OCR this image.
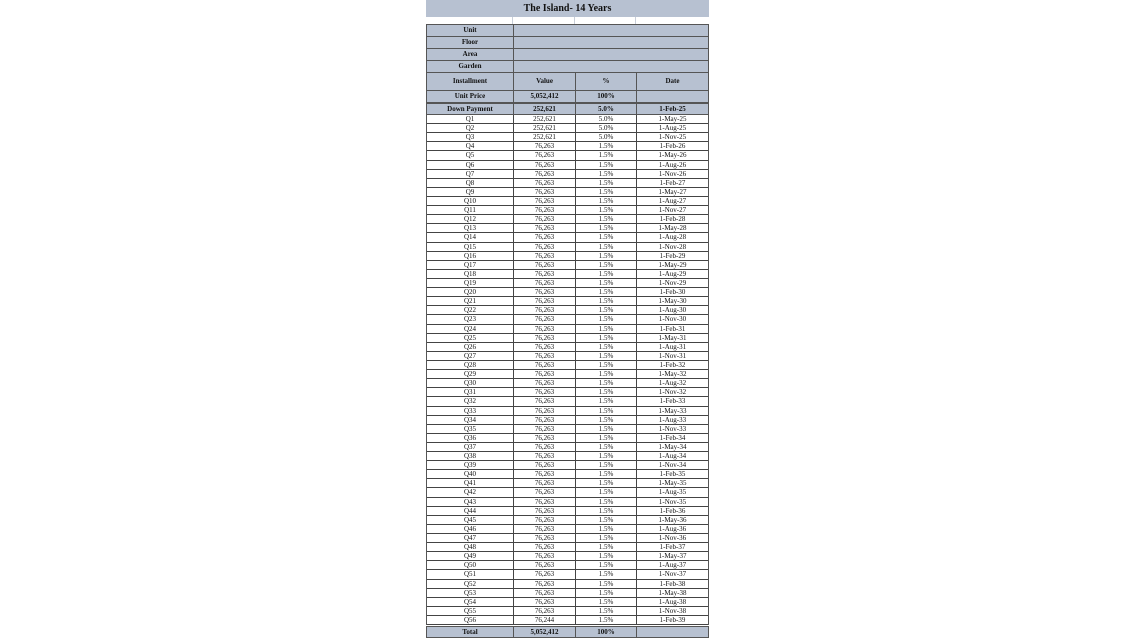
The Island- 14 Years
Unit
Floor
Area
Garden
Installment	Value	%	Date
Unit Price	5,052,412	100%
Down Payment	252,621	5.0%	1-Feb-25
Q1	252,621	5.0%	1-May-25
Q2	252,621	5.0%	1-Aug-25
Q3	252,621	5.0%	1-Nov-25
Q4	76,263	1.5%	1-Feb-26
Q5	76,263	1.5%	1-May-26
Q6	76,263	1.5%	1-Aug-26
Q7	76,263	1.5%	1-Nov-26
Q8	76,263	1.5%	1-Feb-27
Q9	76,263	1.5%	1-May-27
Q10	76,263	1.5%	1-Aug-27
Q11	76,263	1.5%	1-Nov-27
Q12	76,263	1.5%	1-Feb-28
Q13	76,263	1.5%	1-May-28
Q14	76,263	1.5%	1-Aug-28
Q15	76,263	1.5%	1-Nov-28
Q16	76,263	1.5%	1-Feb-29
Q17	76,263	1.5%	1-May-29
Q18	76,263	1.5%	1-Aug-29
Q19	76,263	1.5%	1-Nov-29
Q20	76,263	1.5%	1-Feb-30
Q21	76,263	1.5%	1-May-30
Q22	76,263	1.5%	1-Aug-30
Q23	76,263	1.5%	1-Nov-30
Q24	76,263	1.5%	1-Feb-31
Q25	76,263	1.5%	1-May-31
Q26	76,263	1.5%	1-Aug-31
Q27	76,263	1.5%	1-Nov-31
Q28	76,263	1.5%	1-Feb-32
Q29	76,263	1.5%	1-May-32
Q30	76,263	1.5%	1-Aug-32
Q31	76,263	1.5%	1-Nov-32
Q32	76,263	1.5%	1-Feb-33
Q33	76,263	1.5%	1-May-33
Q34	76,263	1.5%	1-Aug-33
Q35	76,263	1.5%	1-Nov-33
Q36	76,263	1.5%	1-Feb-34
Q37	76,263	1.5%	1-May-34
Q38	76,263	1.5%	1-Aug-34
Q39	76,263	1.5%	1-Nov-34
Q40	76,263	1.5%	1-Feb-35
Q41	76,263	1.5%	1-May-35
Q42	76,263	1.5%	1-Aug-35
Q43	76,263	1.5%	1-Nov-35
Q44	76,263	1.5%	1-Feb-36
Q45	76,263	1.5%	1-May-36
Q46	76,263	1.5%	1-Aug-36
Q47	76,263	1.5%	1-Nov-36
Q48	76,263	1.5%	1-Feb-37
Q49	76,263	1.5%	1-May-37
Q50	76,263	1.5%	1-Aug-37
Q51	76,263	1.5%	1-Nov-37
Q52	76,263	1.5%	1-Feb-38
Q53	76,263	1.5%	1-May-38
Q54	76,263	1.5%	1-Aug-38
Q55	76,263	1.5%	1-Nov-38
Q56	76,244	1.5%	1-Feb-39
Total	5,052,412	100%
